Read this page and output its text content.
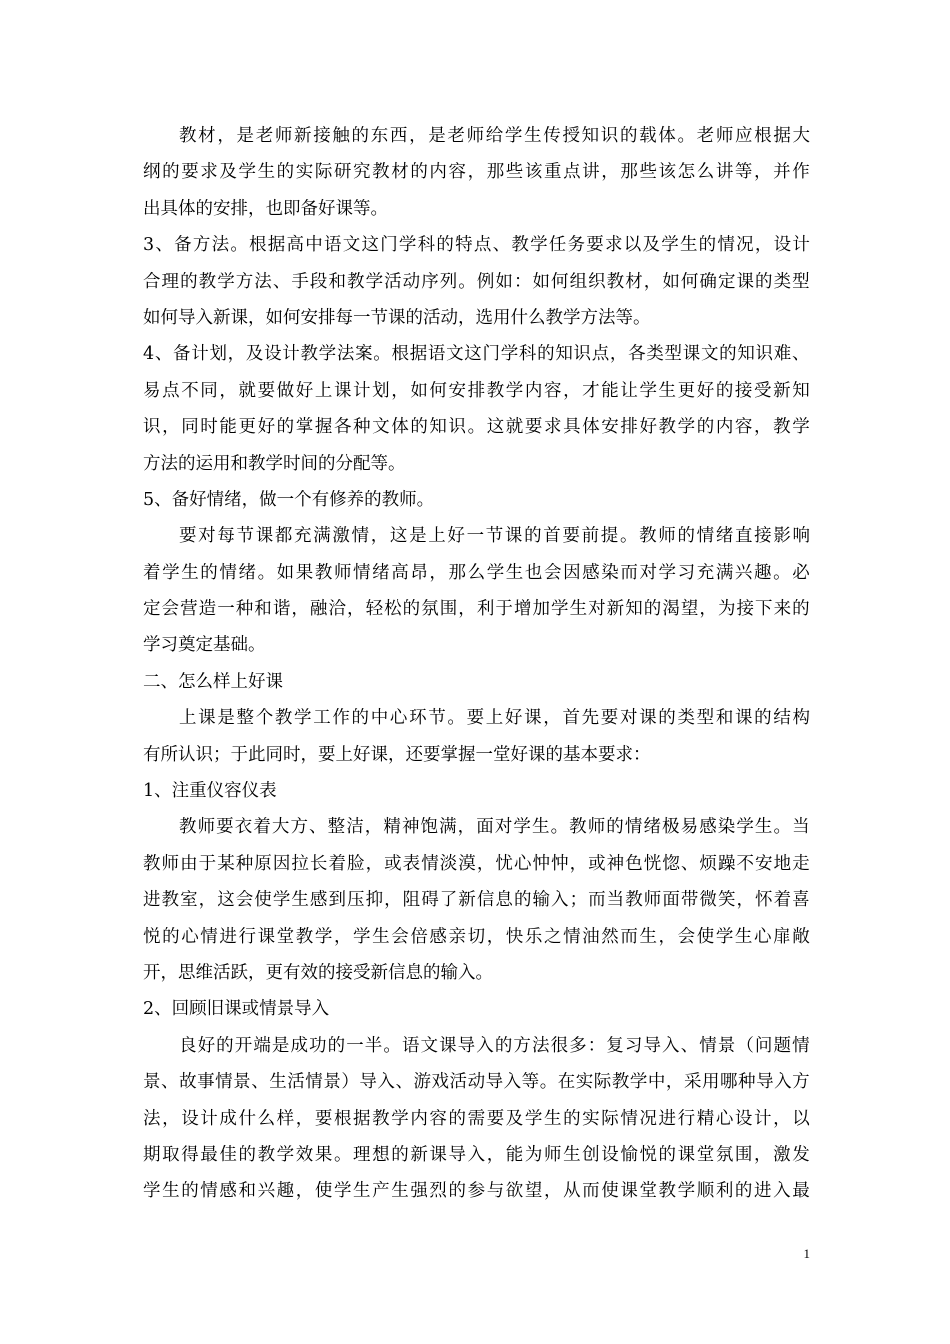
教 材 ， 是 老 师 新 接 触 的 东 西 ， 是 老 师 给 学 生 传 授 知 识 的 载 体 。 老 师 应 根 据 大
纲 的 要 求 及 学 生 的 实 际 研 究 教 材 的 内 容 ， 那 些 该 重 点 讲 ， 那 些 该 怎 么 讲 等 ， 并 作
出具体的安排，也即备好课等。
3 、 备 方 法 。 根 据 高 中 语 文 这 门 学 科 的 特 点 、 教 学 任 务 要 求 以 及 学 生 的 情 况 ， 设 计
合 理 的 教 学 方 法 、 手 段 和 教 学 活 动 序 列 。 例 如 ： 如 何 组 织 教 材 ， 如 何 确 定 课 的 类 型
如何导入新课，如何安排每一节课的活动，选用什么教学方法等。
4 、 备 计 划 ， 及 设 计 教 学 法 案 。 根 据 语 文 这 门 学 科 的 知 识 点 ， 各 类 型 课 文 的 知 识 难 、
易 点 不 同 ， 就 要 做 好 上 课 计 划 ， 如 何 安 排 教 学 内 容 ， 才 能 让 学 生 更 好 的 接 受 新 知
识 ， 同 时 能 更 好 的 掌 握 各 种 文 体 的 知 识 。 这 就 要 求 具 体 安 排 好 教 学 的 内 容 ， 教 学
方法的运用和教学时间的分配等。
5、备好情绪，做一个有修养的教师。
要 对 每 节 课 都 充 满 激 情 ， 这 是 上 好 一 节 课 的 首 要 前 提 。 教 师 的 情 绪 直 接 影 响
着 学 生 的 情 绪 。 如 果 教 师 情 绪 高 昂 ， 那 么 学 生 也 会 因 感 染 而 对 学 习 充 满 兴 趣 。 必
定 会 营 造 一 种 和 谐 ， 融 洽 ， 轻 松 的 氛 围 ， 利 于 增 加 学 生 对 新 知 的 渴 望 ， 为 接 下 来 的
学习奠定基础。
二、怎么样上好课
上 课 是 整 个 教 学 工 作 的 中 心 环 节 。 要 上 好 课 ， 首 先 要 对 课 的 类 型 和 课 的 结 构
有所认识；于此同时，要上好课，还要掌握一堂好课的基本要求：
1、注重仪容仪表
教 师 要 衣 着 大 方 、 整 洁 ， 精 神 饱 满 ， 面 对 学 生 。 教 师 的 情 绪 极 易 感 染 学 生 。 当
教 师 由 于 某 种 原 因 拉 长 着 脸 ， 或 表 情 淡 漠 ， 忧 心 忡 忡 ， 或 神 色 恍 惚 、 烦 躁 不 安 地 走
进 教 室 ， 这 会 使 学 生 感 到 压 抑 ， 阻 碍 了 新 信 息 的 输 入 ； 而 当 教 师 面 带 微 笑 ， 怀 着 喜
悦 的 心 情 进 行 课 堂 教 学 ， 学 生 会 倍 感 亲 切 ， 快 乐 之 情 油 然 而 生 ， 会 使 学 生 心 扉 敞
开，思维活跃，更有效的接受新信息的输入。
2、回顾旧课或情景导入
良 好 的 开 端 是 成 功 的 一 半 。 语 文 课 导 入 的 方 法 很 多 ： 复 习 导 入 、 情 景 （ 问 题 情
景 、 故 事 情 景 、 生 活 情 景 ） 导 入 、 游 戏 活 动 导 入 等 。 在 实 际 教 学 中 ， 采 用 哪 种 导 入 方
法 ， 设 计 成 什 么 样 ， 要 根 据 教 学 内 容 的 需 要 及 学 生 的 实 际 情 况 进 行 精 心 设 计 ， 以
期 取 得 最 佳 的 教 学 效 果 。 理 想 的 新 课 导 入 ， 能 为 师 生 创 设 愉 悦 的 课 堂 氛 围 ， 激 发
学 生 的 情 感 和 兴 趣 ， 使 学 生 产 生 强 烈 的 参 与 欲 望 ， 从 而 使 课 堂 教 学 顺 利 的 进 入 最
1
